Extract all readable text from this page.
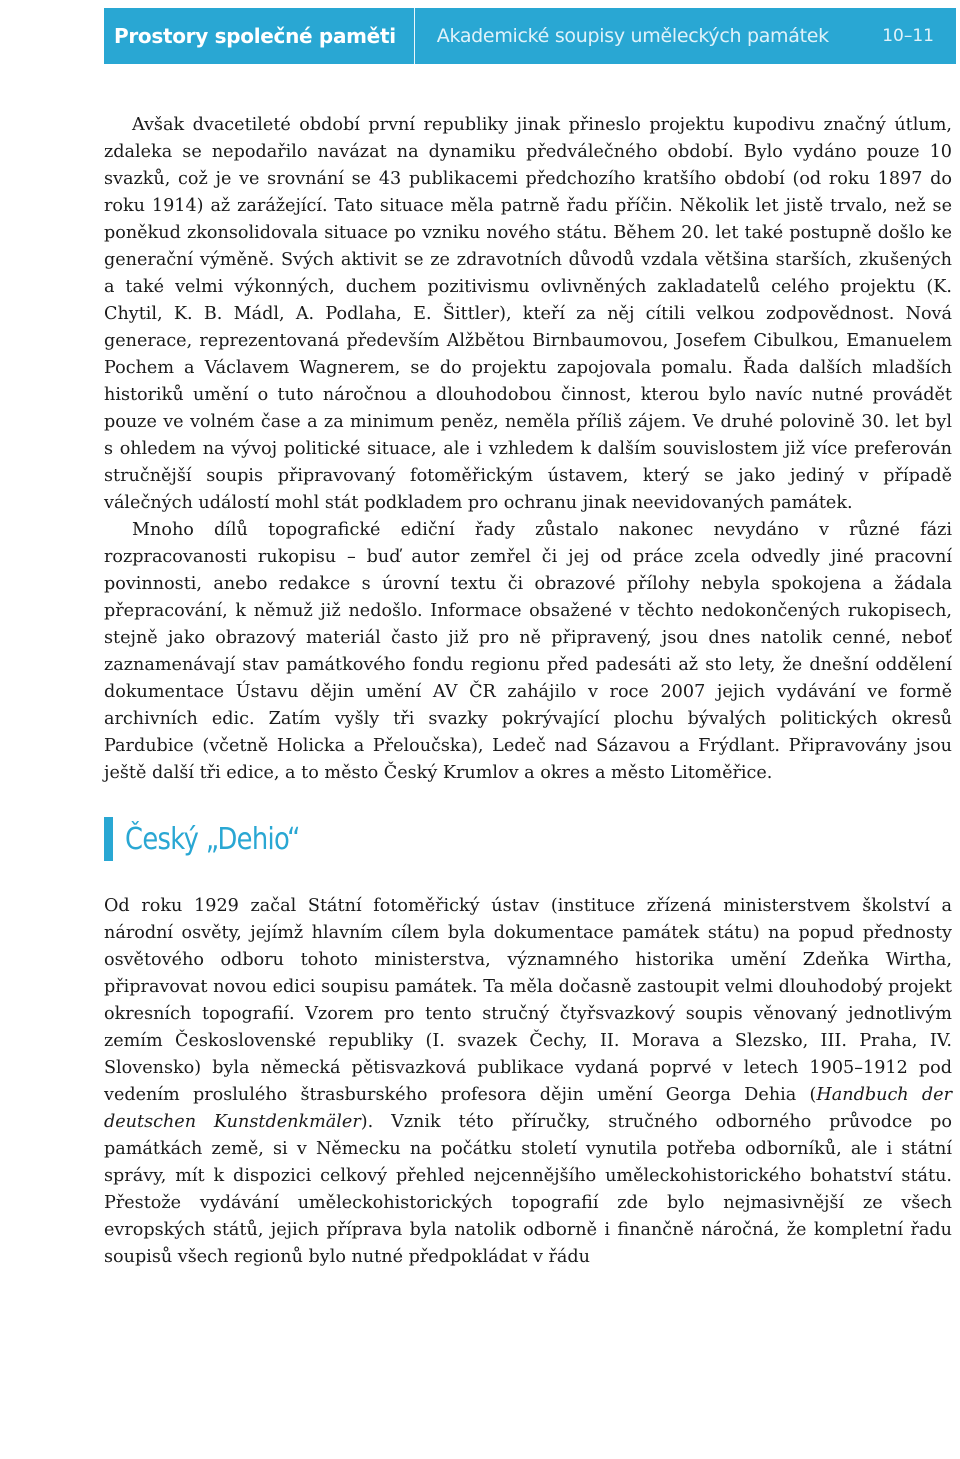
Prostory společné paměti Akademické soupisy uměleckých památek	10–11

Avšak dvacetileté období první republiky jinak přineslo projektu kupodivu značný útlum, zdaleka se nepodařilo navázat na dynamiku předválečného období. Bylo vydáno pouze 10 svazků, což je ve srovnání se 43 publikacemi předchozího kratšího období (od roku 1897 do roku 1914) až zarážející. Tato situace měla patrně řadu příčin. Několik let jistě trvalo, než se poněkud zkonsolidovala situace po vzniku nového státu. Během 20. let také postupně došlo ke generační výměně. Svých aktivit se ze zdravotních důvodů vzdala většina starších, zkušených a také velmi výkonných, duchem pozitivismu ovlivněných zakladatelů celého projektu (K. Chytil, K. B. Mádl, A. Podlaha, E. Šittler), kteří za něj cítili velkou zodpovědnost. Nová generace, reprezentovaná především Alžbětou Birnbaumovou, Josefem Cibulkou, Emanuelem Pochem a Václavem Wagnerem, se do projektu zapojovala pomalu. Řada dalších mladších historiků umění o tuto náročnou a dlouhodobou činnost, kterou bylo navíc nutné provádět pouze ve volném čase a za minimum peněz, neměla příliš zájem. Ve druhé polovině 30. let byl s ohledem na vývoj politické situace, ale i vzhledem k dalším souvislostem již více preferován stručnější soupis připravovaný fotoměřickým ústavem, který se jako jediný v případě válečných událostí mohl stát podkladem pro ochranu jinak neevidovaných památek.

Mnoho dílů topografické ediční řady zůstalo nakonec nevydáno v různé fázi rozpracovanosti rukopisu – buď autor zemřel či jej od práce zcela odvedly jiné pracovní povinnosti, anebo redakce s úrovní textu či obrazové přílohy nebyla spokojena a žádala přepracování, k němuž již nedošlo. Informace obsažené v těchto nedokončených rukopisech, stejně jako obrazový materiál často již pro ně připravený, jsou dnes natolik cenné, neboť zaznamenávají stav památkového fondu regionu před padesáti až sto lety, že dnešní oddělení dokumentace Ústavu dějin umění AV ČR zahájilo v roce 2007 jejich vydávání ve formě archivních edic. Zatím vyšly tři svazky pokrývající plochu bývalých politických okresů Pardubice (včetně Holicka a Přeloučska), Ledeč nad Sázavou a Frýdlant. Připravovány jsou ještě další tři edice, a to město Český Krumlov a okres a město Litoměřice.

Český „Dehio“

Od roku 1929 začal Státní fotoměřický ústav (instituce zřízená ministerstvem školství a národní osvěty, jejímž hlavním cílem byla dokumentace památek státu) na popud přednosty osvětového odboru tohoto ministerstva, významného historika umění Zdeňka Wirtha, připravovat novou edici soupisu památek. Ta měla dočasně zastoupit velmi dlouhodobý projekt okresních topografií. Vzorem pro tento stručný čtyřsvazkový soupis věnovaný jednotlivým zemím Československé republiky (I. svazek Čechy, II. Morava a Slezsko, III. Praha, IV. Slovensko) byla německá pětisvazková publikace vydaná poprvé v letech 1905–1912 pod vedením proslulého štrasburského profesora dějin umění Georga Dehia (Handbuch der deutschen Kunstdenkmäler). Vznik této příručky, stručného odborného průvodce po památkách země, si v Německu na počátku století vynutila potřeba odborníků, ale i státní správy, mít k dispozici celkový přehled nejcennějšího uměleckohistorického bohatství státu. Přestože vydávání uměleckohistorických topografií zde bylo nejmasivnější ze všech evropských států, jejich příprava byla natolik odborně i finančně náročná, že kompletní řadu soupisů všech regionů bylo nutné předpokládat v řádu
